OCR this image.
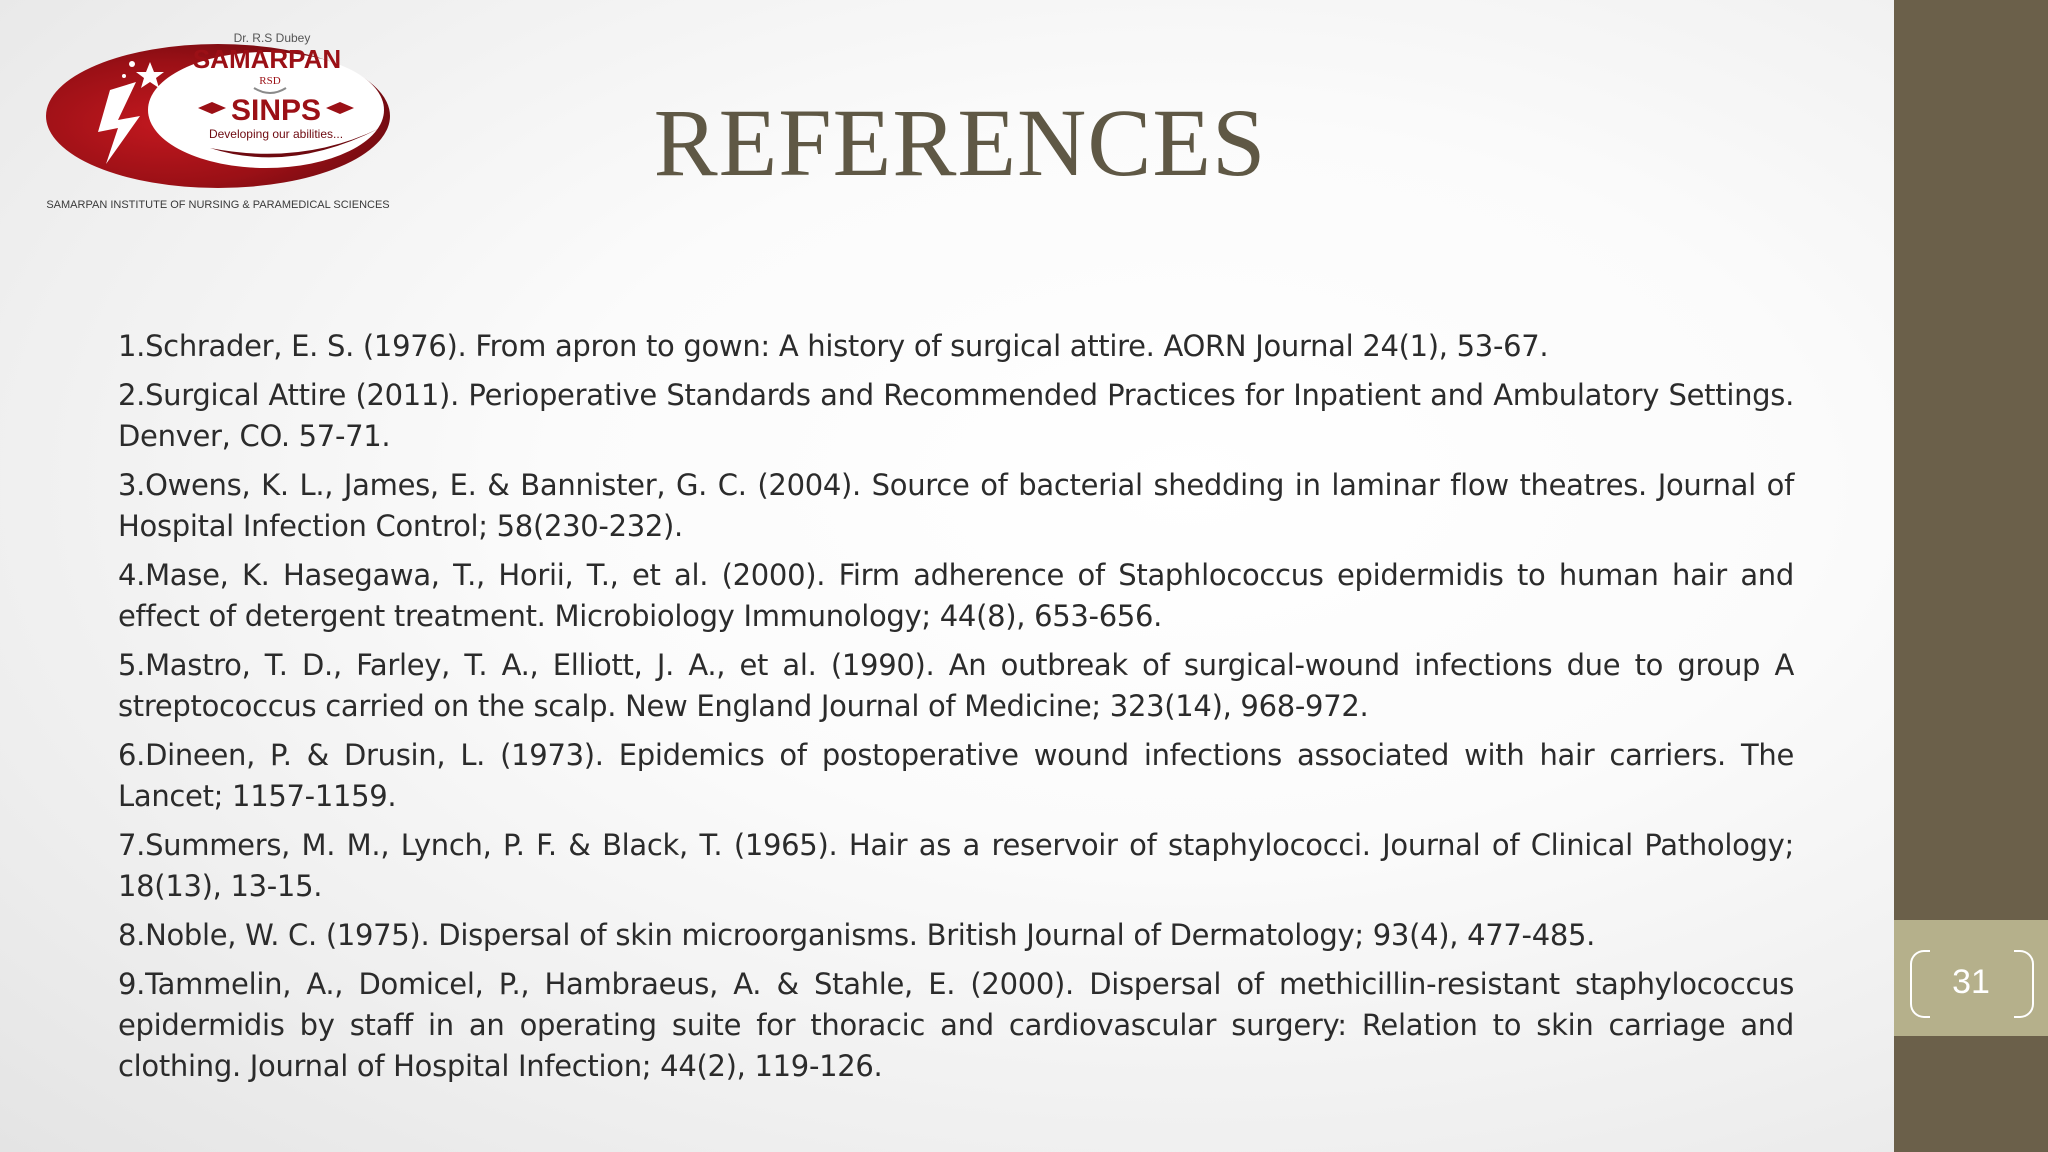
Dr. R.S Dubey
SAMARPAN
RSD
SINPS
Developing our abilities...
SAMARPAN INSTITUTE OF NURSING & PARAMEDICAL SCIENCES
REFERENCES
1.Schrader, E. S. (1976). From apron to gown: A history of surgical attire. AORN Journal 24(1), 53-67.
2.Surgical Attire (2011). Perioperative Standards and Recommended Practices for Inpatient and Ambulatory Settings. Denver, CO. 57-71.
3.Owens, K. L., James, E. & Bannister, G. C. (2004). Source of bacterial shedding in laminar flow theatres. Journal of Hospital Infection Control; 58(230-232).
4.Mase, K. Hasegawa, T., Horii, T., et al. (2000). Firm adherence of Staphlococcus epidermidis to human hair and effect of detergent treatment. Microbiology Immunology; 44(8), 653-656.
5.Mastro, T. D., Farley, T. A., Elliott, J. A., et al. (1990). An outbreak of surgical-wound infections due to group A streptococcus carried on the scalp. New England Journal of Medicine; 323(14), 968-972.
6.Dineen, P. & Drusin, L. (1973). Epidemics of postoperative wound infections associated with hair carriers. The Lancet; 1157-1159.
7.Summers, M. M., Lynch, P. F. & Black, T. (1965). Hair as a reservoir of staphylococci. Journal of Clinical Pathology; 18(13), 13-15.
8.Noble, W. C. (1975). Dispersal of skin microorganisms. British Journal of Dermatology; 93(4), 477-485.
9.Tammelin, A., Domicel, P., Hambraeus, A. & Stahle, E. (2000). Dispersal of methicillin-resistant staphylococcus epidermidis by staff in an operating suite for thoracic and cardiovascular surgery: Relation to skin carriage and clothing. Journal of Hospital Infection; 44(2), 119-126.
31
